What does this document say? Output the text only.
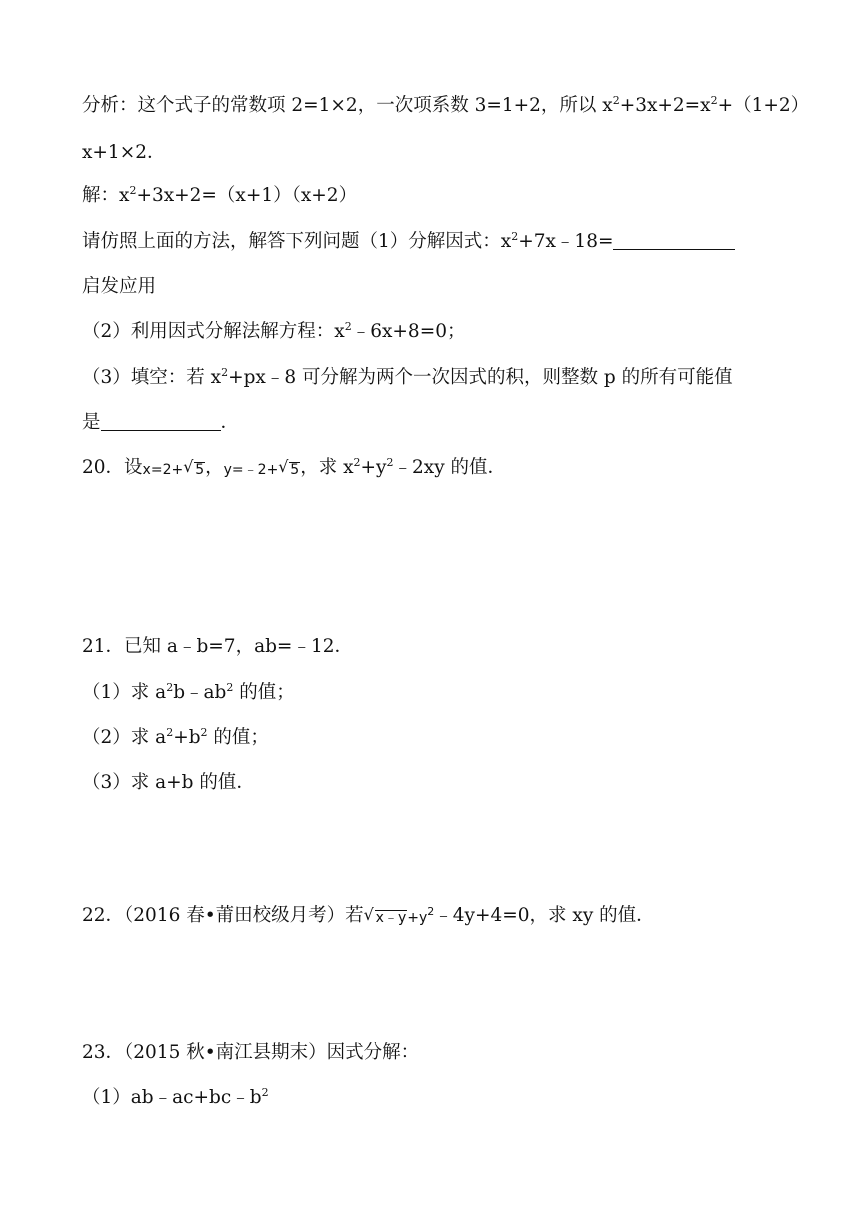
分析：这个式子的常数项 2=1×2，一次项系数 3=1+2，所以 $x^2+3x+2=x^2+(1+2)$
x+1×2．
解：$x^2+3x+2=(x+1)(x+2)$
请仿照上面的方法，解答下列问题（1）分解因式：$x^2+7x﹣18=$
启发应用
（2）利用因式分解法解方程：$x^2﹣6x+8=0$；
（3）填空：若 $x^2+px﹣8$ 可分解为两个一次因式的积，则整数 p 的所有可能值
是	．
20．设x=2+ √ 5，y=﹣2+ √ 5，求 $x^2+y^2﹣2xy$ 的值．
21．已知 a﹣b=7，ab=﹣12．
（1）求 $a^2b﹣ab^2$ 的值；
（2）求 $a^2+b^2$ 的值；
（3）求 a+b 的值．
22．（2016 春•莆田校级月考）若 √ $x﹣y+y^2﹣4y+4=0$，求 xy 的值．
23．（2015 秋•南江县期末）因式分解：
$(1)ab﹣ac+bc﹣b^2$
